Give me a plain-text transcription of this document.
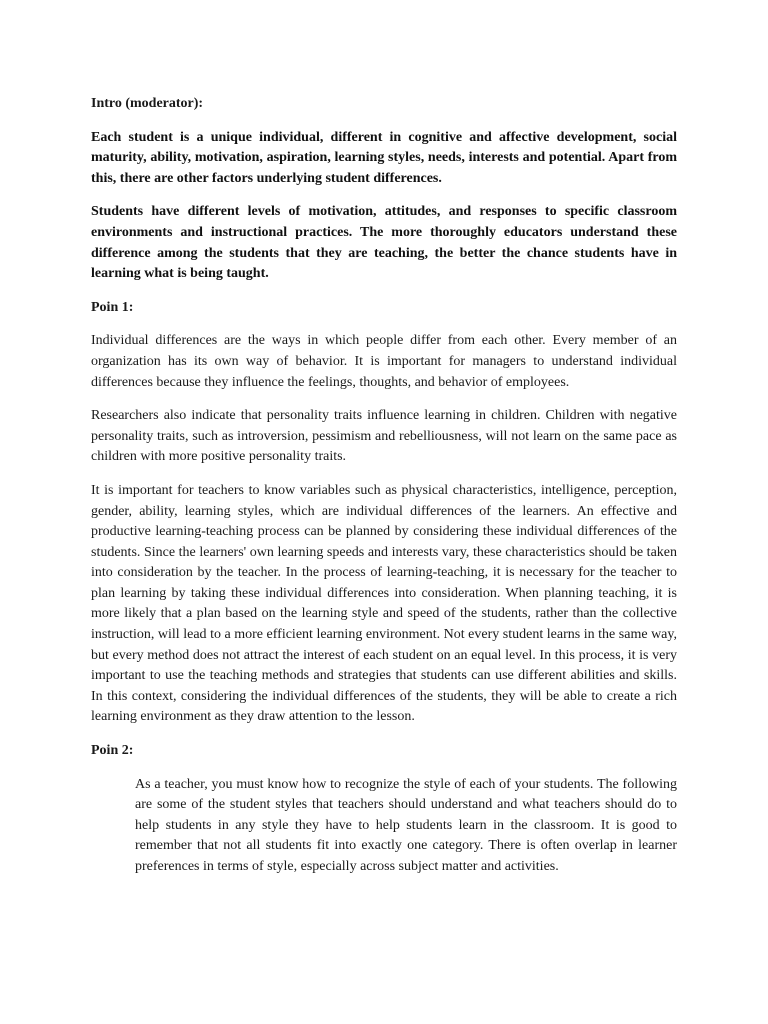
Intro (moderator):

Each student is a unique individual, different in cognitive and affective development, social maturity, ability, motivation, aspiration, learning styles, needs, interests and potential. Apart from this, there are other factors underlying student differences.

Students have different levels of motivation, attitudes, and responses to specific classroom environments and instructional practices. The more thoroughly educators understand these difference among the students that they are teaching, the better the chance students have in learning what is being taught.

Poin 1:

Individual differences are the ways in which people differ from each other. Every member of an organization has its own way of behavior. It is important for managers to understand individual differences because they influence the feelings, thoughts, and behavior of employees.

Researchers also indicate that personality traits influence learning in children. Children with negative personality traits, such as introversion, pessimism and rebelliousness, will not learn on the same pace as children with more positive personality traits.

It is important for teachers to know variables such as physical characteristics, intelligence, perception, gender, ability, learning styles, which are individual differences of the learners. An effective and productive learning-teaching process can be planned by considering these individual differences of the students. Since the learners' own learning speeds and interests vary, these characteristics should be taken into consideration by the teacher. In the process of learning-teaching, it is necessary for the teacher to plan learning by taking these individual differences into consideration. When planning teaching, it is more likely that a plan based on the learning style and speed of the students, rather than the collective instruction, will lead to a more efficient learning environment. Not every student learns in the same way, but every method does not attract the interest of each student on an equal level. In this process, it is very important to use the teaching methods and strategies that students can use different abilities and skills. In this context, considering the individual differences of the students, they will be able to create a rich learning environment as they draw attention to the lesson.

Poin 2:

As a teacher, you must know how to recognize the style of each of your students. The following are some of the student styles that teachers should understand and what teachers should do to help students in any style they have to help students learn in the classroom. It is good to remember that not all students fit into exactly one category. There is often overlap in learner preferences in terms of style, especially across subject matter and activities.
